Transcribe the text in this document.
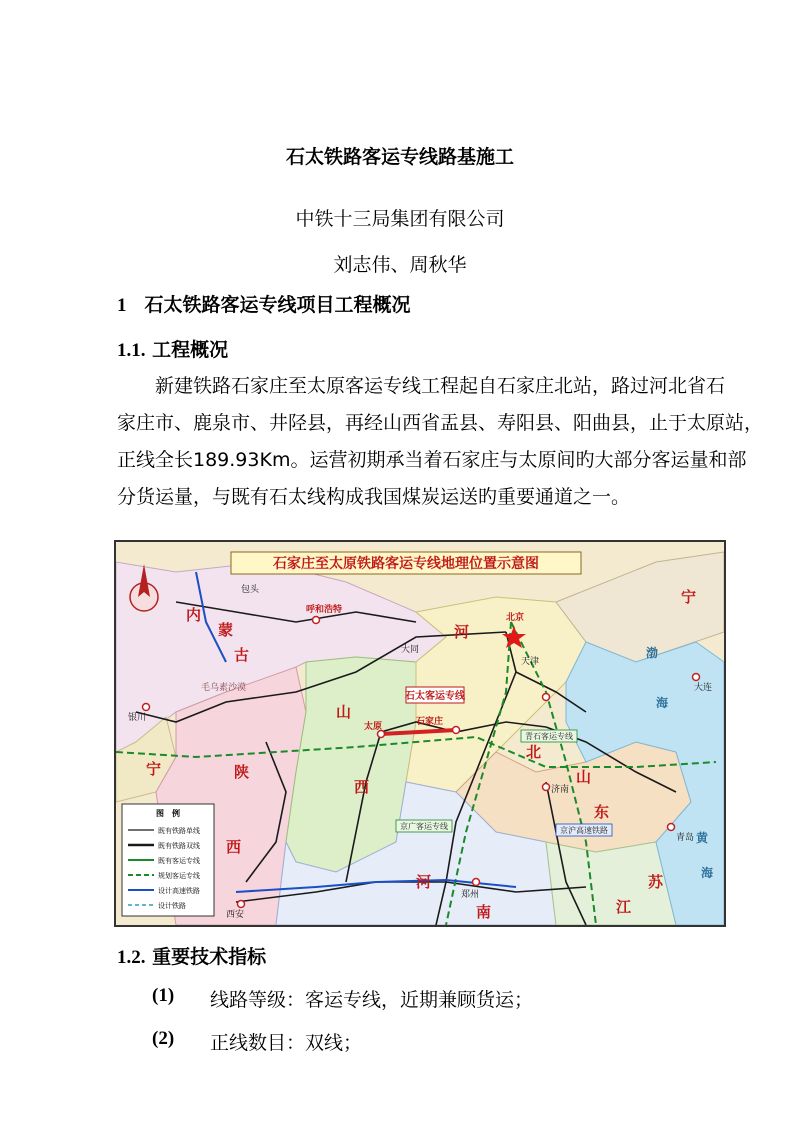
石太铁路客运专线路基施工
中铁十三局集团有限公司
刘志伟、周秋华
1 石太铁路客运专线项目工程概况
1.1. 工程概况
　　新建铁路石家庄至太原客运专线工程起自石家庄北站，路过河北省石
家庄市、鹿泉市、井陉县，再经山西省盂县、寿阳县、阳曲县，止于太原站，
正线全长189.93Km。运营初期承当着石家庄与太原间旳大部分客运量和部
分货运量，与既有石太线构成我国煤炭运送旳重要通道之一。
石家庄至太原铁路客运专线地理位置示意图
石太客运专线
内
蒙
古
宁	陕
西
山
西
河
北
河
南
山
东
江
苏
宁
渤
海
黄
海
北京
天津
石家庄
太原
济南
郑州
西安
银川
呼和浩特
青岛
大连
包头
大同
毛乌素沙漠
青石客运专线
京广客运专线	京沪高速铁路
图　例
既有铁路单线
既有铁路双线
既有客运专线
规划客运专线
设计高速铁路
设计铁路
1.2. 重要技术指标
(1) 线路等级：客运专线，近期兼顾货运；
(2) 正线数目：双线；
